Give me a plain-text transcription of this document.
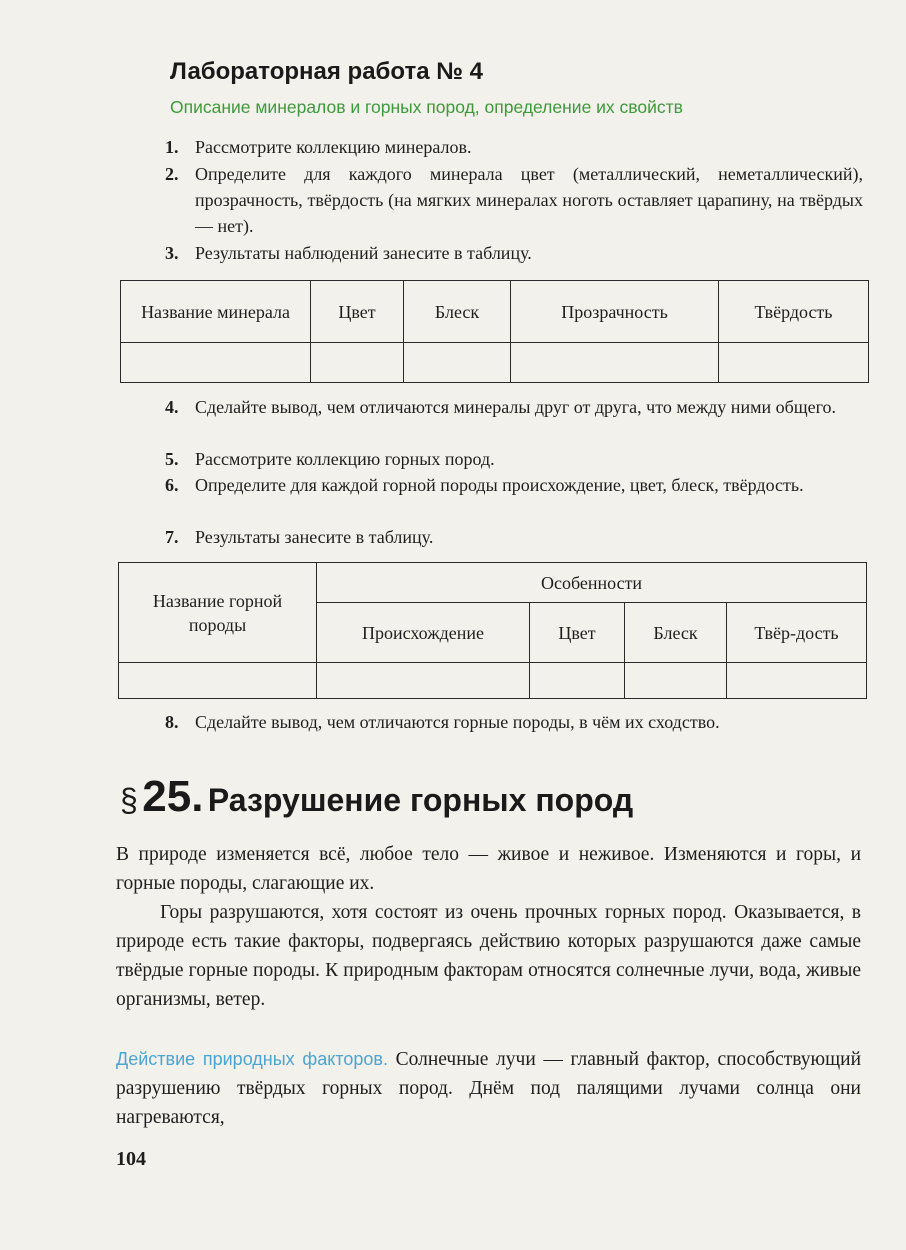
Лабораторная работа № 4
Описание минералов и горных пород, определение их свойств
1. Рассмотрите коллекцию минералов.
2. Определите для каждого минерала цвет (металлический, неметаллический), прозрачность, твёрдость (на мягких минералах ноготь оставляет царапину, на твёрдых — нет).
3. Результаты наблюдений занесите в таблицу.
Название минерала	Цвет	Блеск	Прозрачность	Твёрдость

4. Сделайте вывод, чем отличаются минералы друг от друга, что между ними общего.
5. Рассмотрите коллекцию горных пород.
6. Определите для каждой горной породы происхождение, цвет, блеск, твёрдость.
7. Результаты занесите в таблицу.
Название горной породы	Особенности			
	Происхождение	Цвет	Блеск	Твёр-дость

8. Сделайте вывод, чем отличаются горные породы, в чём их сходство.
§ 25. Разрушение горных пород
В природе изменяется всё, любое тело — живое и неживое. Изменяются и горы, и горные породы, слагающие их.
Горы разрушаются, хотя состоят из очень прочных горных пород. Оказывается, в природе есть такие факторы, подвергаясь действию которых разрушаются даже самые твёрдые горные породы. К природным факторам относятся солнечные лучи, вода, живые организмы, ветер.
Действие природных факторов. Солнечные лучи — главный фактор, способствующий разрушению твёрдых горных пород. Днём под палящими лучами солнца они нагреваются,
104
